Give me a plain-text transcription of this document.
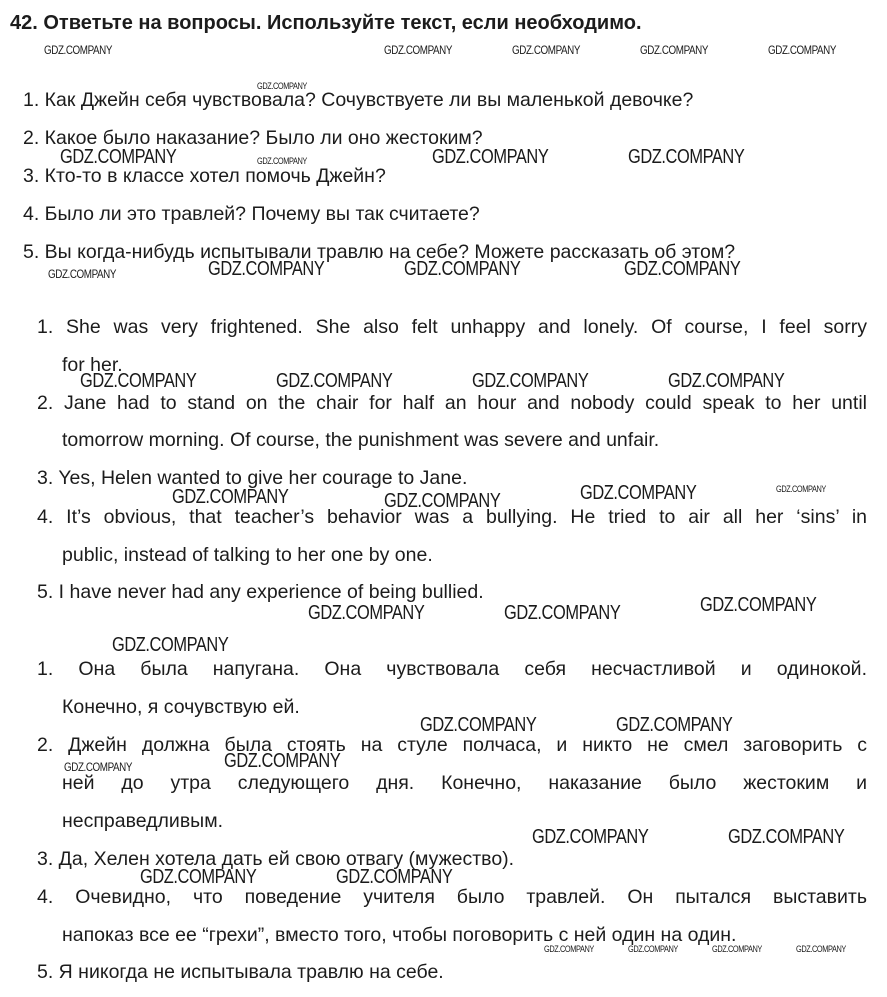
42. Ответьте на вопросы. Используйте текст, если необходимо.
1. Как Джейн себя чувствовала? Сочувствуете ли вы маленькой девочке?
2. Какое было наказание? Было ли оно жестоким?
3. Кто-то в классе хотел помочь Джейн?
4. Было ли это травлей? Почему вы так считаете?
5. Вы когда-нибудь испытывали травлю на себе? Можете рассказать об этом?
1. She was very frightened. She also felt unhappy and lonely. Of course, I feel sorry
for her.
2. Jane had to stand on the chair for half an hour and nobody could speak to her until
tomorrow morning. Of course, the punishment was severe and unfair.
3. Yes, Helen wanted to give her courage to Jane.
4. It’s obvious, that teacher’s behavior was a bullying. He tried to air all her ‘sins’ in
public, instead of talking to her one by one.
5. I have never had any experience of being bullied.
1. Она была напугана. Она чувствовала себя несчастливой и одинокой.
Конечно, я сочувствую ей.
2. Джейн должна была стоять на стуле полчаса, и никто не смел заговорить с
ней до утра следующего дня. Конечно, наказание было жестоким и
несправедливым.
3. Да, Хелен хотела дать ей свою отвагу (мужество).
4. Очевидно, что поведение учителя было травлей. Он пытался выставить
напоказ все ее “грехи”, вместо того, чтобы поговорить с ней один на один.
5. Я никогда не испытывала травлю на себе.
GDZ.COMPANY	GDZ.COMPANY	GDZ.COMPANY	GDZ.COMPANY	GDZ.COMPANY
GDZ.COMPANY
GDZ.COMPANY	GDZ.COMPANY	GDZ.COMPANY	GDZ.COMPANY
GDZ.COMPANY	GDZ.COMPANY	GDZ.COMPANY	GDZ.COMPANY
GDZ.COMPANY	GDZ.COMPANY	GDZ.COMPANY	GDZ.COMPANY
GDZ.COMPANY	GDZ.COMPANY	GDZ.COMPANY	GDZ.COMPANY
GDZ.COMPANY	GDZ.COMPANY	GDZ.COMPANY
GDZ.COMPANY
GDZ.COMPANY	GDZ.COMPANY
GDZ.COMPANY	GDZ.COMPANY
GDZ.COMPANY	GDZ.COMPANY
GDZ.COMPANY	GDZ.COMPANY
GDZ.COMPANY	GDZ.COMPANY	GDZ.COMPANY	GDZ.COMPANY
